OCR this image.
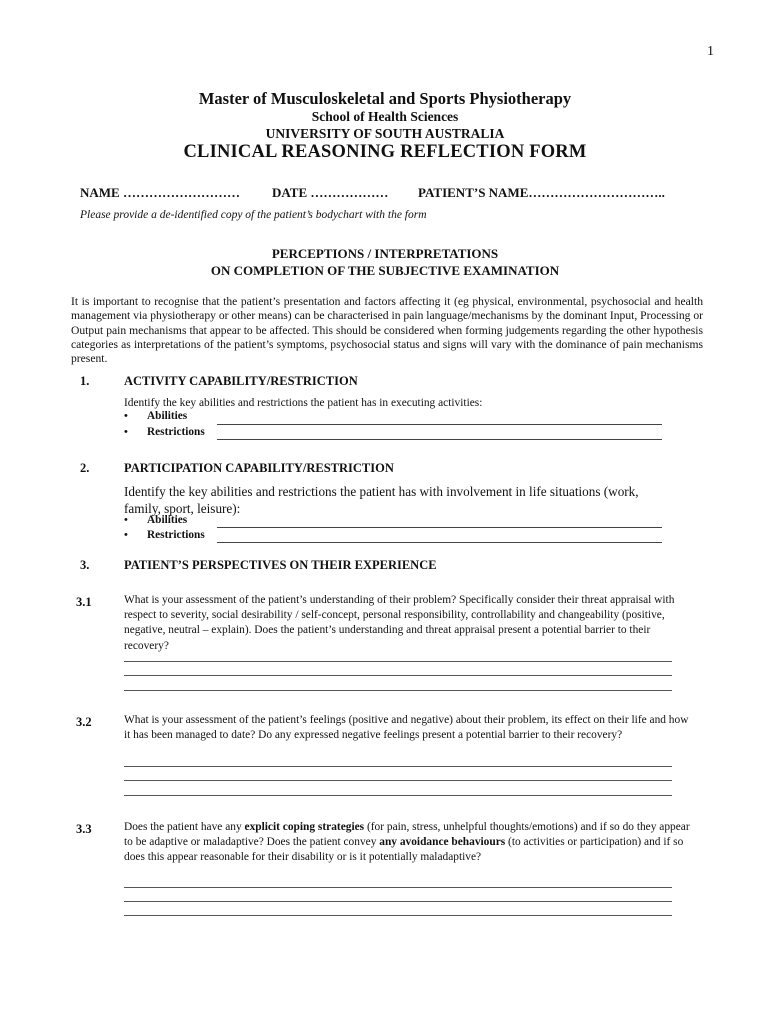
1
Master of Musculoskeletal and Sports Physiotherapy
School of Health Sciences
UNIVERSITY OF SOUTH AUSTRALIA
CLINICAL REASONING REFLECTION FORM
NAME ……………………… DATE ……………… PATIENT’S NAME…………………………..
Please provide a de-identified copy of the patient’s bodychart with the form
PERCEPTIONS / INTERPRETATIONS
ON COMPLETION OF THE SUBJECTIVE EXAMINATION
It is important to recognise that the patient’s presentation and factors affecting it (eg physical, environmental, psychosocial and health management via physiotherapy or other means) can be characterised in pain language/mechanisms by the dominant Input, Processing or Output pain mechanisms that appear to be affected. This should be considered when forming judgements regarding the other hypothesis categories as interpretations of the patient’s symptoms, psychosocial status and signs will vary with the dominance of pain mechanisms present.
1.	ACTIVITY CAPABILITY/RESTRICTION
Identify the key abilities and restrictions the patient has in executing activities:
•	Abilities
•	Restrictions
2.	PARTICIPATION CAPABILITY/RESTRICTION
Identify the key abilities and restrictions the patient has with involvement in life situations (work, family, sport, leisure):
•	Abilities
•	Restrictions
3.	PATIENT’S PERSPECTIVES ON THEIR EXPERIENCE
3.1	What is your assessment of the patient’s understanding of their problem? Specifically consider their threat appraisal with respect to severity, social desirability / self-concept, personal responsibility, controllability and changeability (positive, negative, neutral – explain). Does the patient’s understanding and threat appraisal present a potential barrier to their recovery?
3.2	What is your assessment of the patient’s feelings (positive and negative) about their problem, its effect on their life and how it has been managed to date? Do any expressed negative feelings present a potential barrier to their recovery?
3.3	Does the patient have any explicit coping strategies (for pain, stress, unhelpful thoughts/emotions) and if so do they appear to be adaptive or maladaptive? Does the patient convey any avoidance behaviours (to activities or participation) and if so does this appear reasonable for their disability or is it potentially maladaptive?
